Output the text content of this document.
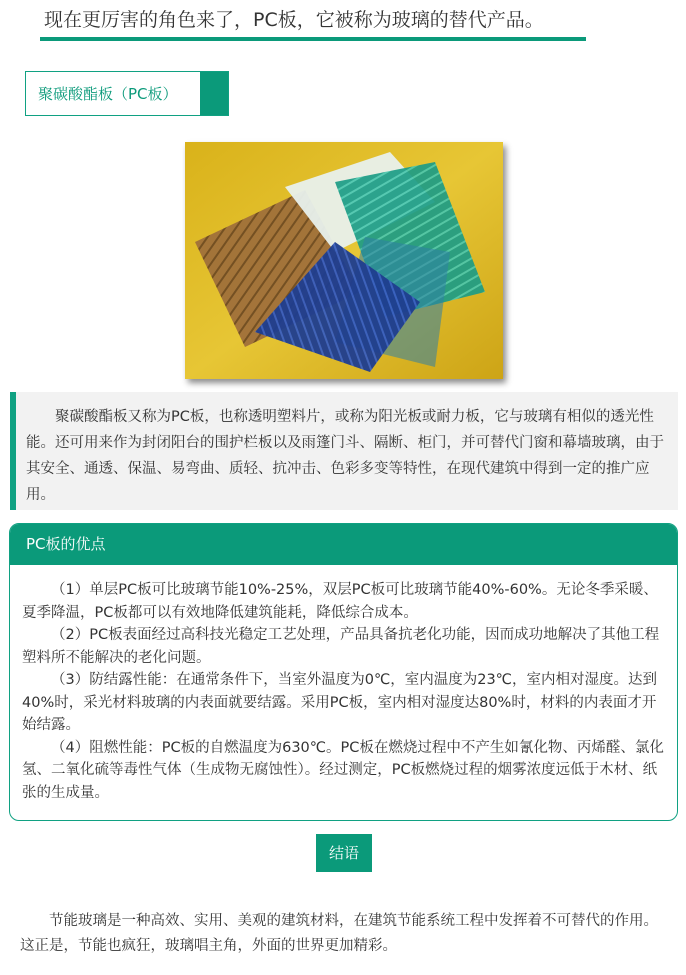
现在更厉害的角色来了，PC板，它被称为玻璃的替代产品。
聚碳酸酯板（PC板）

聚碳酸酯板又称为PC板，也称透明塑料片，或称为阳光板或耐力板，它与玻璃有相似的透光性能。还可用来作为封闭阳台的围护栏板以及雨篷门斗、隔断、柜门，并可替代门窗和幕墙玻璃，由于其安全、通透、保温、易弯曲、质轻、抗冲击、色彩多变等特性，在现代建筑中得到一定的推广应用。

PC板的优点

（1）单层PC板可比玻璃节能10%-25%，双层PC板可比玻璃节能40%-60%。无论冬季采暖、夏季降温，PC板都可以有效地降低建筑能耗，降低综合成本。

（2）PC板表面经过高科技光稳定工艺处理，产品具备抗老化功能，因而成功地解决了其他工程塑料所不能解决的老化问题。

（3）防结露性能：在通常条件下，当室外温度为0℃，室内温度为23℃，室内相对湿度。达到40%时，采光材料玻璃的内表面就要结露。采用PC板，室内相对湿度达80%时，材料的内表面才开始结露。

（4）阻燃性能：PC板的自燃温度为630℃。PC板在燃烧过程中不产生如氰化物、丙烯醛、氯化氢、二氧化硫等毒性气体（生成物无腐蚀性）。经过测定，PC板燃烧过程的烟雾浓度远低于木材、纸张的生成量。

结语

节能玻璃是一种高效、实用、美观的建筑材料，在建筑节能系统工程中发挥着不可替代的作用。这正是，节能也疯狂，玻璃唱主角，外面的世界更加精彩。
